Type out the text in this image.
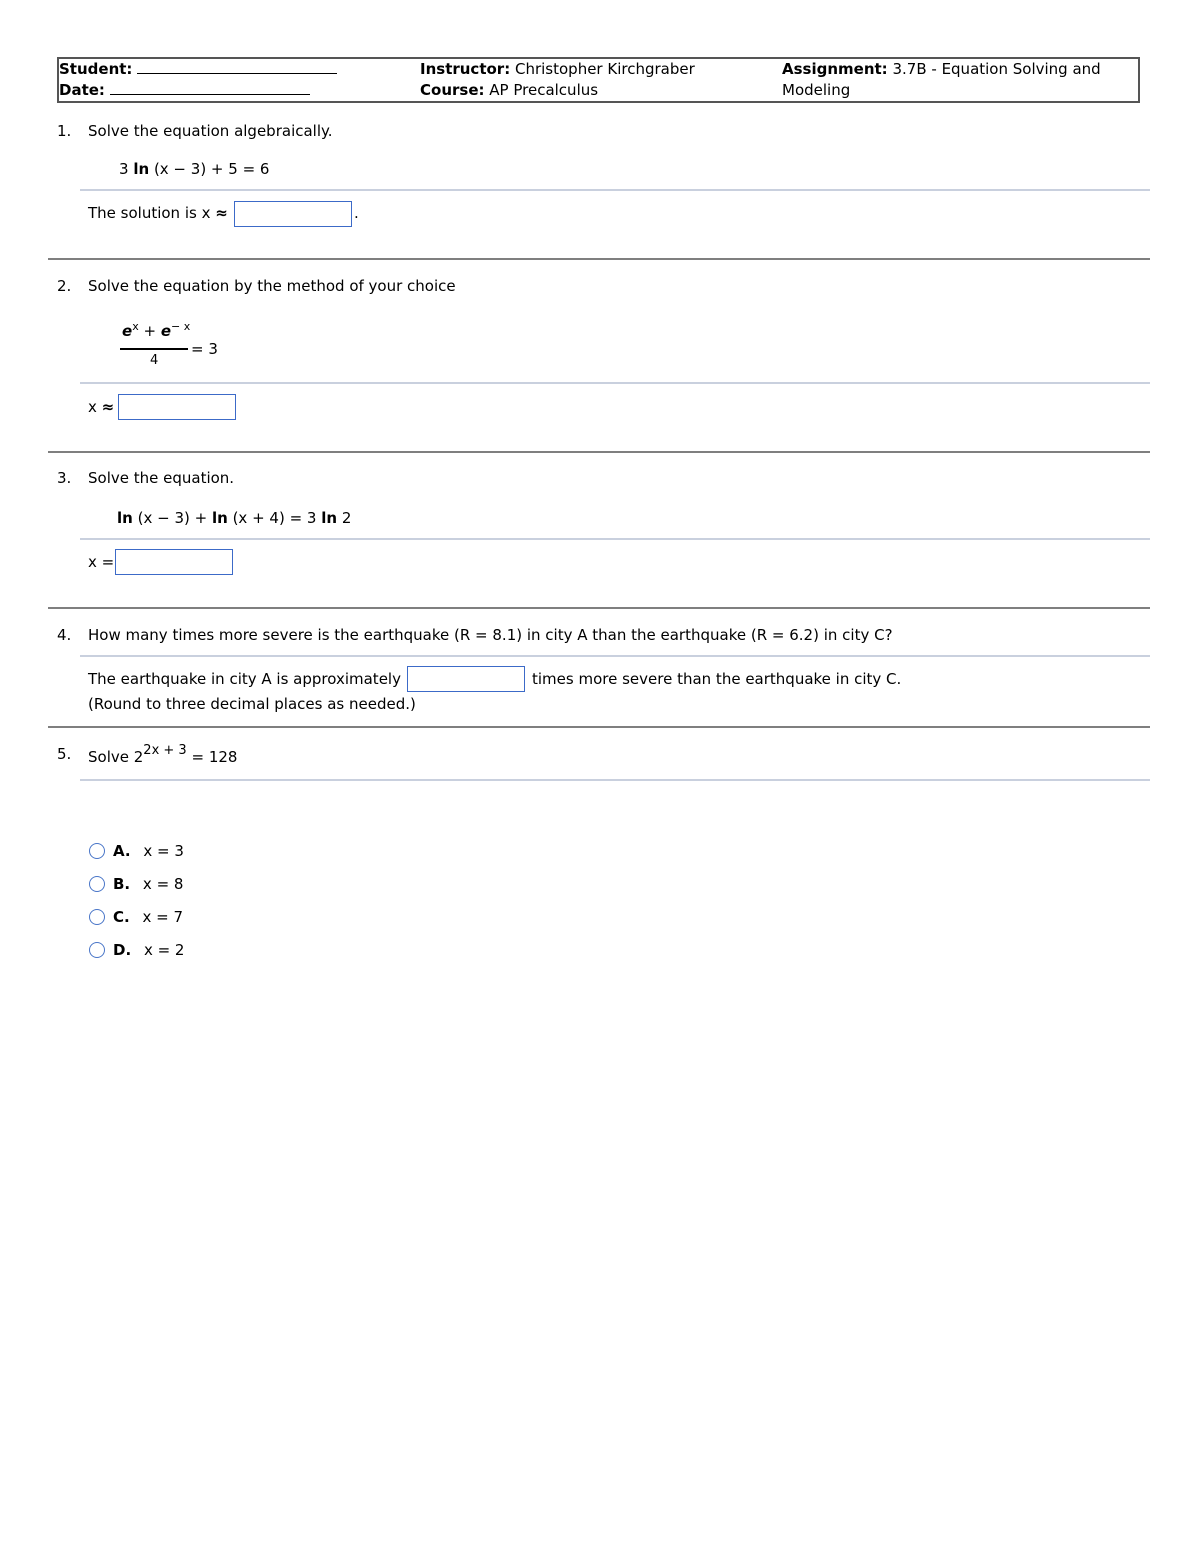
Student:
Date:
Instructor: Christopher Kirchgraber
Course: AP Precalculus
Assignment: 3.7B - Equation Solving and
Modeling
1. Solve the equation algebraically.
3 ln (x − 3) + 5 = 6
The solution is x ≈	.
2. Solve the equation by the method of your choice
$e^x + e^{- x}$
4
= 3
x ≈
3. Solve the equation.
ln (x − 3) + ln (x + 4) = 3 ln 2
x =
4. How many times more severe is the earthquake (R = 8.1) in city A than the earthquake (R = 6.2) in city C?
The earthquake in city A is approximately	times more severe than the earthquake in city C.
(Round to three decimal places as needed.)
5. Solve $2^{2x + 3} = 128$
A. x = 3
B. x = 8
C. x = 7
D. x = 2
